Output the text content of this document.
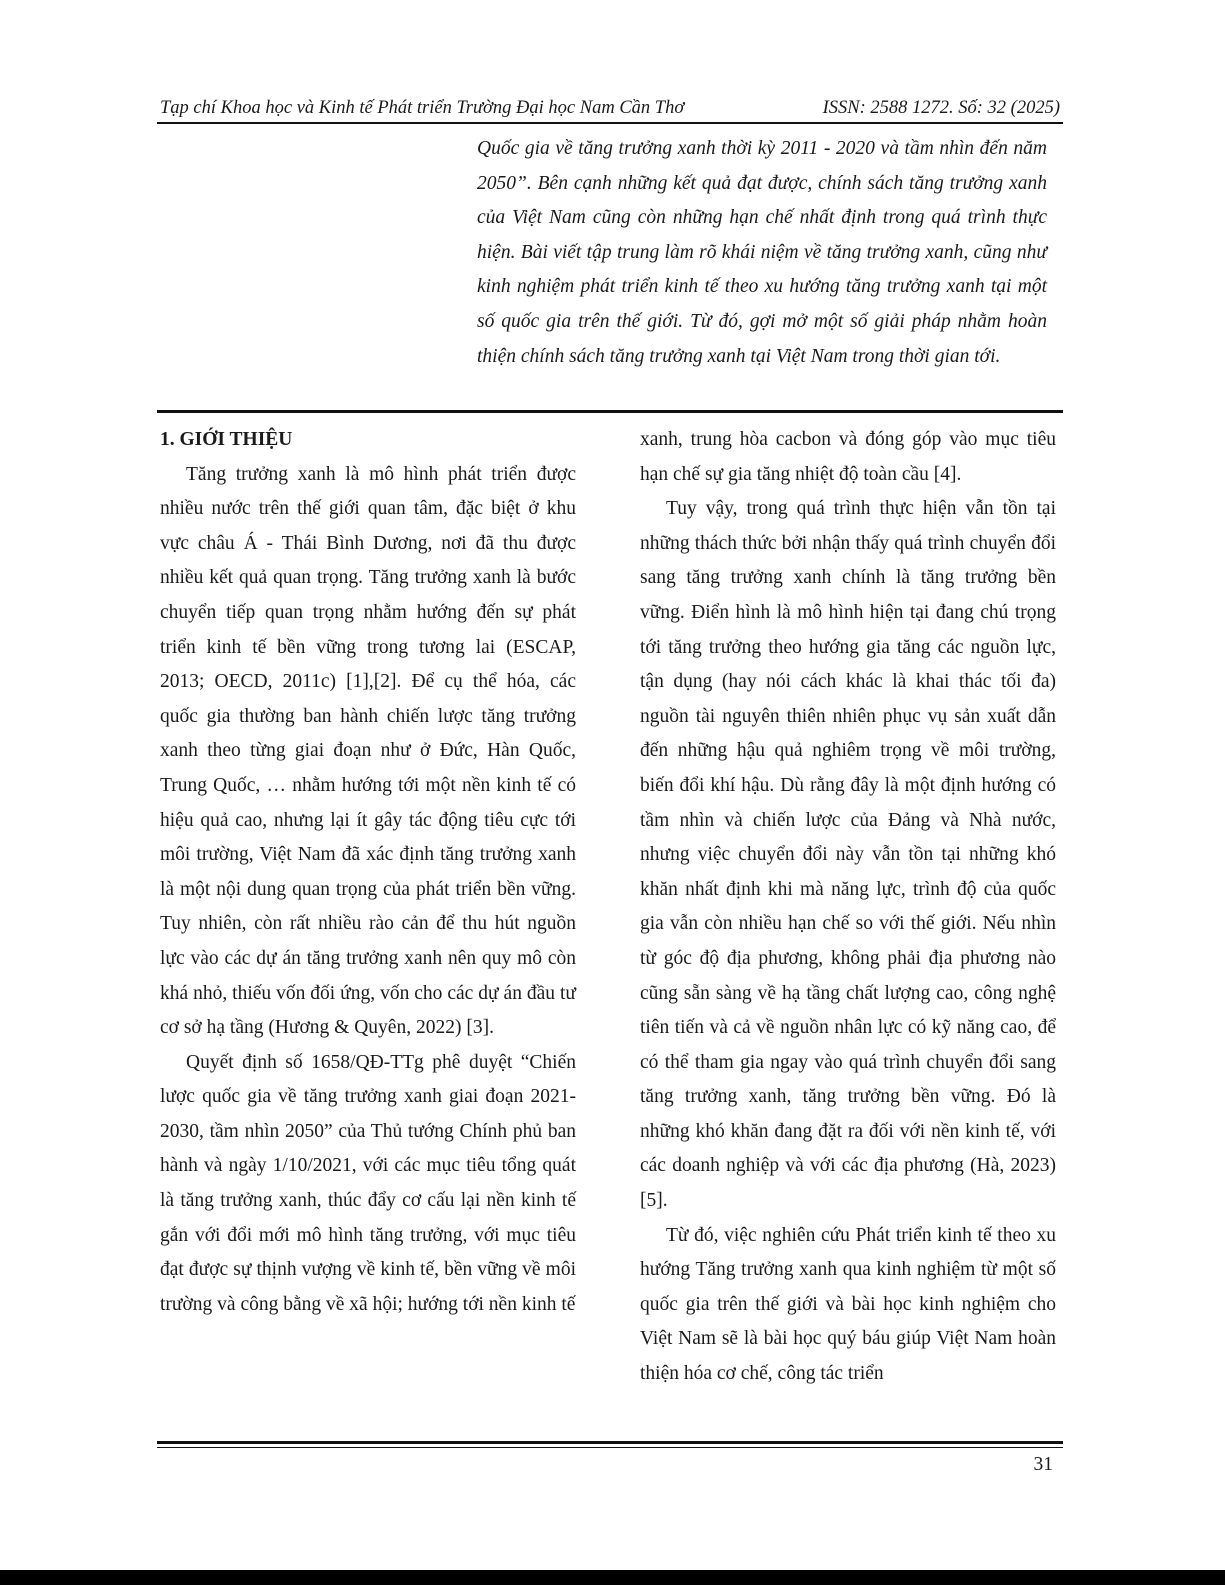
Tạp chí Khoa học và Kinh tế Phát triển Trường Đại học Nam Cần Thơ	ISSN: 2588 1272. Số: 32 (2025)
Quốc gia về tăng trưởng xanh thời kỳ 2011 - 2020 và tầm nhìn đến năm 2050”. Bên cạnh những kết quả đạt được, chính sách tăng trưởng xanh của Việt Nam cũng còn những hạn chế nhất định trong quá trình thực hiện. Bài viết tập trung làm rõ khái niệm về tăng trưởng xanh, cũng như kinh nghiệm phát triển kinh tế theo xu hướng tăng trưởng xanh tại một số quốc gia trên thế giới. Từ đó, gợi mở một số giải pháp nhằm hoàn thiện chính sách tăng trưởng xanh tại Việt Nam trong thời gian tới.

1. GIỚI THIỆU

Tăng trưởng xanh là mô hình phát triển được nhiều nước trên thế giới quan tâm, đặc biệt ở khu vực châu Á - Thái Bình Dương, nơi đã thu được nhiều kết quả quan trọng. Tăng trưởng xanh là bước chuyển tiếp quan trọng nhằm hướng đến sự phát triển kinh tế bền vững trong tương lai (ESCAP, 2013; OECD, 2011c) [1],[2]. Để cụ thể hóa, các quốc gia thường ban hành chiến lược tăng trưởng xanh theo từng giai đoạn như ở Đức, Hàn Quốc, Trung Quốc, … nhằm hướng tới một nền kinh tế có hiệu quả cao, nhưng lại ít gây tác động tiêu cực tới môi trường, Việt Nam đã xác định tăng trưởng xanh là một nội dung quan trọng của phát triển bền vững. Tuy nhiên, còn rất nhiều rào cản để thu hút nguồn lực vào các dự án tăng trưởng xanh nên quy mô còn khá nhỏ, thiếu vốn đối ứng, vốn cho các dự án đầu tư cơ sở hạ tầng (Hương & Quyên, 2022) [3].

Quyết định số 1658/QĐ-TTg phê duyệt “Chiến lược quốc gia về tăng trưởng xanh giai đoạn 2021-2030, tầm nhìn 2050” của Thủ tướng Chính phủ ban hành và ngày 1/10/2021, với các mục tiêu tổng quát là tăng trưởng xanh, thúc đẩy cơ cấu lại nền kinh tế gắn với đổi mới mô hình tăng trưởng, với mục tiêu đạt được sự thịnh vượng về kinh tế, bền vững về môi trường và công bằng về xã hội; hướng tới nền kinh tế

xanh, trung hòa cacbon và đóng góp vào mục tiêu hạn chế sự gia tăng nhiệt độ toàn cầu [4].

Tuy vậy, trong quá trình thực hiện vẫn tồn tại những thách thức bởi nhận thấy quá trình chuyển đổi sang tăng trưởng xanh chính là tăng trưởng bền vững. Điển hình là mô hình hiện tại đang chú trọng tới tăng trưởng theo hướng gia tăng các nguồn lực, tận dụng (hay nói cách khác là khai thác tối đa) nguồn tài nguyên thiên nhiên phục vụ sản xuất dẫn đến những hậu quả nghiêm trọng về môi trường, biến đổi khí hậu. Dù rằng đây là một định hướng có tầm nhìn và chiến lược của Đảng và Nhà nước, nhưng việc chuyển đổi này vẫn tồn tại những khó khăn nhất định khi mà năng lực, trình độ của quốc gia vẫn còn nhiều hạn chế so với thế giới. Nếu nhìn từ góc độ địa phương, không phải địa phương nào cũng sẵn sàng về hạ tầng chất lượng cao, công nghệ tiên tiến và cả về nguồn nhân lực có kỹ năng cao, để có thể tham gia ngay vào quá trình chuyển đổi sang tăng trưởng xanh, tăng trưởng bền vững. Đó là những khó khăn đang đặt ra đối với nền kinh tế, với các doanh nghiệp và với các địa phương (Hà, 2023) [5].

Từ đó, việc nghiên cứu Phát triển kinh tế theo xu hướng Tăng trưởng xanh qua kinh nghiệm từ một số quốc gia trên thế giới và bài học kinh nghiệm cho Việt Nam sẽ là bài học quý báu giúp Việt Nam hoàn thiện hóa cơ chế, công tác triển

31
